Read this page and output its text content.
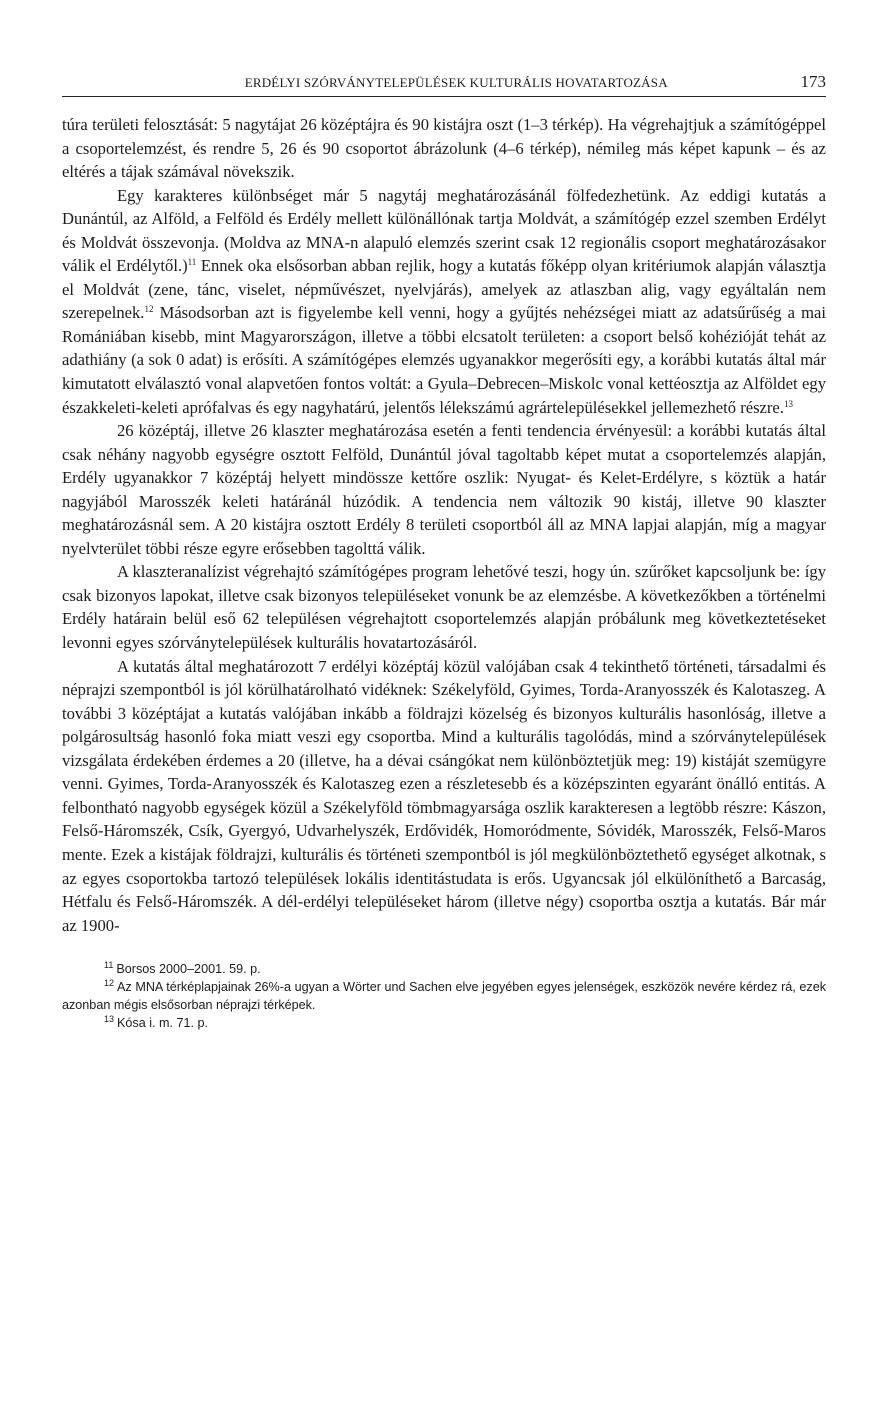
ERDÉLYI SZÓRVÁNYTELEPÜLÉSEK KULTURÁLIS HOVATARTOZÁSA	173

túra területi felosztását: 5 nagytájat 26 középtájra és 90 kistájra oszt (1–3 térkép). Ha végrehajtjuk a számítógéppel a csoportelemzést, és rendre 5, 26 és 90 csoportot ábrázolunk (4–6 térkép), némileg más képet kapunk – és az eltérés a tájak számával növekszik.

Egy karakteres különbséget már 5 nagytáj meghatározásánál fölfedezhetünk. Az eddigi kutatás a Dunántúl, az Alföld, a Felföld és Erdély mellett különállónak tartja Moldvát, a számítógép ezzel szemben Erdélyt és Moldvát összevonja. (Moldva az MNA-n alapuló elemzés szerint csak 12 regionális csoport meghatározásakor válik el Erdélytől.)$^{11}$ Ennek oka elsősorban abban rejlik, hogy a kutatás főképp olyan kritériumok alapján választja el Moldvát (zene, tánc, viselet, népművészet, nyelvjárás), amelyek az atlaszban alig, vagy egyáltalán nem szerepelnek.$^{12}$ Másodsorban azt is figyelembe kell venni, hogy a gyűjtés nehézségei miatt az adatsűrűség a mai Romániában kisebb, mint Magyarországon, illetve a többi elcsatolt területen: a csoport belső kohézióját tehát az adathiány (a sok 0 adat) is erősíti. A számítógépes elemzés ugyanakkor megerősíti egy, a korábbi kutatás által már kimutatott elválasztó vonal alapvetően fontos voltát: a Gyula–Debrecen–Miskolc vonal kettéosztja az Alföldet egy északkeleti-keleti aprófalvas és egy nagyhatárú, jelentős lélekszámú agrártelepülésekkel jellemezhető részre.$^{13}$

26 középtáj, illetve 26 klaszter meghatározása esetén a fenti tendencia érvényesül: a korábbi kutatás által csak néhány nagyobb egységre osztott Felföld, Dunántúl jóval tagoltabb képet mutat a csoportelemzés alapján, Erdély ugyanakkor 7 középtáj helyett mindössze kettőre oszlik: Nyugat- és Kelet-Erdélyre, s köztük a határ nagyjából Marosszék keleti határánál húzódik. A tendencia nem változik 90 kistáj, illetve 90 klaszter meghatározásnál sem. A 20 kistájra osztott Erdély 8 területi csoportból áll az MNA lapjai alapján, míg a magyar nyelvterület többi része egyre erősebben tagolttá válik.

A klaszteranalízist végrehajtó számítógépes program lehetővé teszi, hogy ún. szűrőket kapcsoljunk be: így csak bizonyos lapokat, illetve csak bizonyos településeket vonunk be az elemzésbe. A következőkben a történelmi Erdély határain belül eső 62 településen végrehajtott csoportelemzés alapján próbálunk meg következtetéseket levonni egyes szórványtelepülések kulturális hovatartozásáról.

A kutatás által meghatározott 7 erdélyi középtáj közül valójában csak 4 tekinthető történeti, társadalmi és néprajzi szempontból is jól körülhatárolható vidéknek: Székelyföld, Gyimes, Torda-Aranyosszék és Kalotaszeg. A további 3 középtájat a kutatás valójában inkább a földrajzi közelség és bizonyos kulturális hasonlóság, illetve a polgárosultság hasonló foka miatt veszi egy csoportba. Mind a kulturális tagolódás, mind a szórványtelepülések vizsgálata érdekében érdemes a 20 (illetve, ha a dévai csángókat nem különböztetjük meg: 19) kistáját szemügyre venni. Gyimes, Torda-Aranyosszék és Kalotaszeg ezen a részletesebb és a középszinten egyaránt önálló entitás. A felbontható nagyobb egységek közül a Székelyföld tömbmagyarsága oszlik karakteresen a legtöbb részre: Kászon, Felső-Háromszék, Csík, Gyergyó, Udvarhelyszék, Erdővidék, Homoródmente, Sóvidék, Marosszék, Felső-Maros mente. Ezek a kistájak földrajzi, kulturális és történeti szempontból is jól megkülönböztethető egységet alkotnak, s az egyes csoportokba tartozó települések lokális identitástudata is erős. Ugyancsak jól elkülöníthető a Barcaság, Hétfalu és Felső-Háromszék. A dél-erdélyi településeket három (illetve négy) csoportba osztja a kutatás. Bár már az 1900-

$^{11}$ Borsos 2000–2001. 59. p.

$^{12}$ Az MNA térképlapjainak 26%-a ugyan a Wörter und Sachen elve jegyében egyes jelenségek, eszközök nevére kérdez rá, ezek azonban mégis elsősorban néprajzi térképek.

$^{13}$ Kósa i. m. 71. p.
